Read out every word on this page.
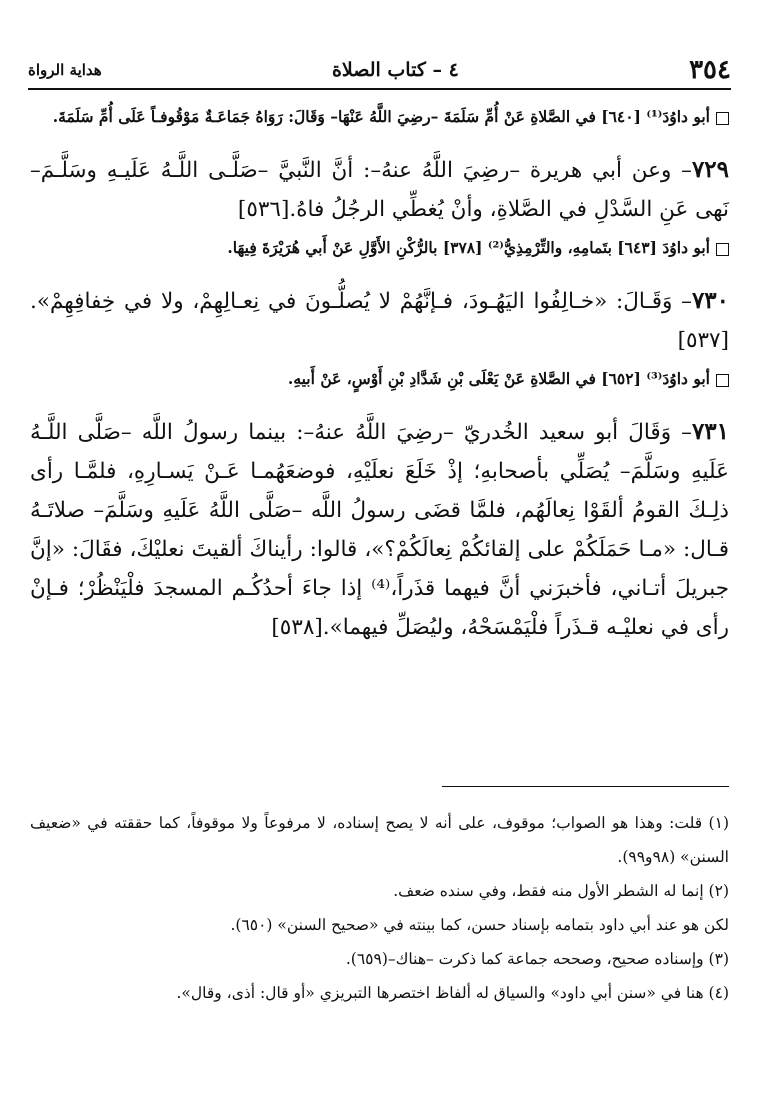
٣٥٤
٤ – كتاب الصلاة
هداية الرواة

أبو داوُدَ⁽¹⁾ [٦٤٠] في الصَّلاةِ عَنْ أُمِّ سَلَمَةَ –رضِيَ اللَّهُ عَنْهَا– وَقَالَ: رَوَاهُ جَمَاعَـةٌ مَوْقُوفـاً عَلَى أُمِّ سَلَمَةَ.

٧٢٩– وعن أبي هريرة –رضِيَ اللَّهُ عنهُ–: أنَّ النَّبيَّ –صَلَّـى اللَّـهُ عَلَيـهِ وسَلَّـمَ– نَهى عَنِ السَّدْلِ في الصَّلاةِ، وأنْ يُغطِّي الرجُلُ فاهُ.[٥٣٦]

أبو داوُدَ [٦٤٣] بتَمامِهِ، والتِّرْمِذِيُّ⁽²⁾ [٣٧٨] بالرُّكْنِ الأَوَّلِ عَنْ أَبي هُرَيْرَةَ فِيهَا.

٧٣٠– وَقَـالَ: «خـالِفُوا اليَهُـودَ، فـإنَّهُمْ لا يُصلُّـونَ في نِعـالِهِمْ، ولا في خِفافِهِمْ».[٥٣٧]

أبو داوُدَ⁽³⁾ [٦٥٢] في الصَّلاةِ عَنْ يَعْلَى بْنِ شَدَّادِ بْنِ أَوْسٍ، عَنْ أَبيهِ.

٧٣١– وَقَالَ أبو سعيد الخُدريّ –رضِيَ اللَّهُ عنهُ–: بينما رسولُ اللَّه –صَلَّى اللَّـهُ عَلَيهِ وسَلَّمَ– يُصَلِّي بأصحابهِ؛ إذْ خَلَعَ نعلَيْهِ، فوضعَهُمـا عَـنْ يَسـارِهِ، فلمَّـا رأى ذلِـكَ القومُ ألقَوْا نِعالَهُم، فلمَّا قضَى رسولُ اللَّه –صَلَّى اللَّهُ عَلَيهِ وسَلَّمَ– صلاتَـهُ قـال: «مـا حَمَلَكُمْ على إلقائكُمْ نِعالَكُمْ؟»، قالوا: رأيناكَ ألقيتَ نعليْكَ، فقَالَ: «إنَّ جبريلَ أتـاني، فأخبرَني أنَّ فيهما قذَراً،⁽⁴⁾ إذا جاءَ أحدُكُـم المسجدَ فلْيَنْظُرْ؛ فـإنْ رأى في نعليْـه قـذَراً فلْيَمْسَحْهُ، وليُصَلِّ فيهما».[٥٣٨]

(١) قلت: وهذا هو الصواب؛ موقوف، على أنه لا يصح إسناده، لا مرفوعاً ولا موقوفاً، كما حققته في «ضعيف السنن» (٩٨و٩٩).

(٢) إنما له الشطر الأول منه فقط، وفي سنده ضعف.

لكن هو عند أبي داود بتمامه بإسناد حسن، كما بينته في «صحيح السنن» (٦٥٠).

(٣) وإسناده صحيح، وصححه جماعة كما ذكرت –هناك–(٦٥٩).

(٤) هنا في «سنن أبي داود» والسياق له ألفاظ اختصرها التبريزي «أو قال: أذى، وقال».
